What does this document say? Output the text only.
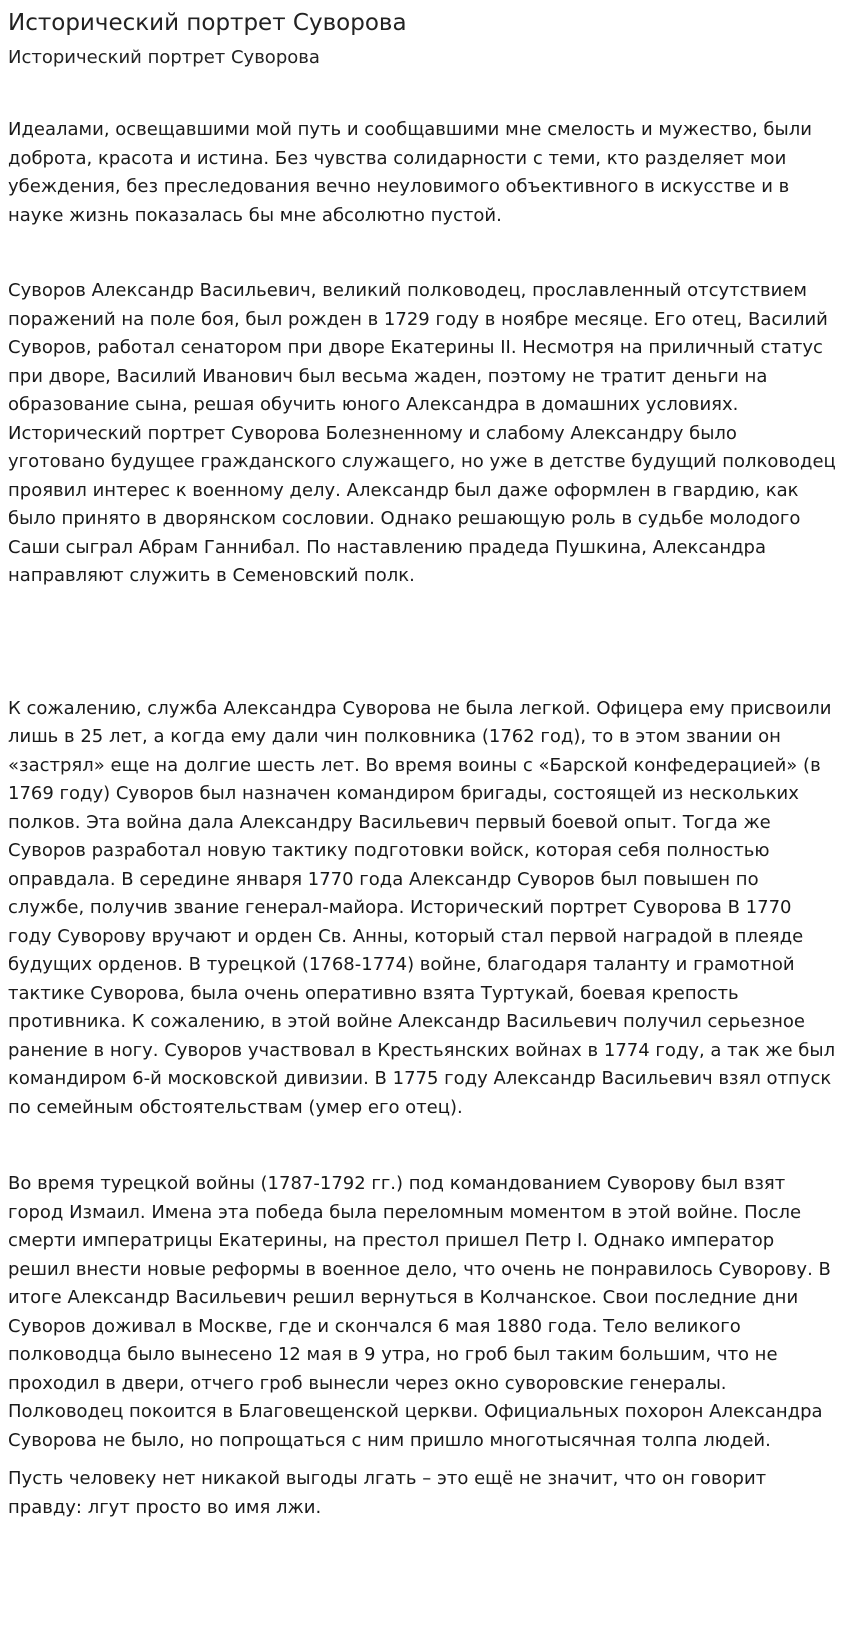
Исторический портрет Суворова
Исторический портрет Суворова

Идеалами, освещавшими мой путь и сообщавшими мне смелость и мужество, были доброта, красота и истина. Без чувства солидарности с теми, кто разделяет мои убеждения, без преследования вечно неуловимого объективного в искусстве и в науке жизнь показалась бы мне абсолютно пустой.

Суворов Александр Васильевич, великий полководец, прославленный отсутствием поражений на поле боя, был рожден в 1729 году в ноябре месяце. Его отец, Василий Суворов, работал сенатором при дворе Екатерины II. Несмотря на приличный статус при дворе, Василий Иванович был весьма жаден, поэтому не тратит деньги на образование сына, решая обучить юного Александра в домашних условиях. Исторический портрет Суворова Болезненному и слабому Александру было уготовано будущее гражданского служащего, но уже в детстве будущий полководец проявил интерес к военному делу. Александр был даже оформлен в гвардию, как было принято в дворянском сословии. Однако решающую роль в судьбе молодого Саши сыграл Абрам Ганнибал. По наставлению прадеда Пушкина, Александра направляют служить в Семеновский полк.

К сожалению, служба Александра Суворова не была легкой. Офицера ему присвоили лишь в 25 лет, а когда ему дали чин полковника (1762 год), то в этом звании он «застрял» еще на долгие шесть лет. Во время воины с «Барской конфедерацией» (в 1769 году) Суворов был назначен командиром бригады, состоящей из нескольких полков. Эта война дала Александру Васильевич первый боевой опыт. Тогда же Суворов разработал новую тактику подготовки войск, которая себя полностью оправдала. В середине января 1770 года Александр Суворов был повышен по службе, получив звание генерал-майора. Исторический портрет Суворова В 1770 году Суворову вручают и орден Св. Анны, который стал первой наградой в плеяде будущих орденов. В турецкой (1768-1774) войне, благодаря таланту и грамотной тактике Суворова, была очень оперативно взята Туртукай, боевая крепость противника. К сожалению, в этой войне Александр Васильевич получил серьезное ранение в ногу. Суворов участвовал в Крестьянских войнах в 1774 году, а так же был командиром 6-й московской дивизии. В 1775 году Александр Васильевич взял отпуск по семейным обстоятельствам (умер его отец).

Во время турецкой войны (1787-1792 гг.) под командованием Суворову был взят город Измаил. Имена эта победа была переломным моментом в этой войне. После смерти императрицы Екатерины, на престол пришел Петр I. Однако император решил внести новые реформы в военное дело, что очень не понравилось Суворову. В итоге Александр Васильевич решил вернуться в Колчанское. Свои последние дни Суворов доживал в Москве, где и скончался 6 мая 1880 года. Тело великого полководца было вынесено 12 мая в 9 утра, но гроб был таким большим, что не проходил в двери, отчего гроб вынесли через окно суворовские генералы. Полководец покоится в Благовещенской церкви. Официальных похорон Александра Суворова не было, но попрощаться с ним пришло многотысячная толпа людей.

Пусть человеку нет никакой выгоды лгать – это ещё не значит, что он говорит правду: лгут просто во имя лжи.
